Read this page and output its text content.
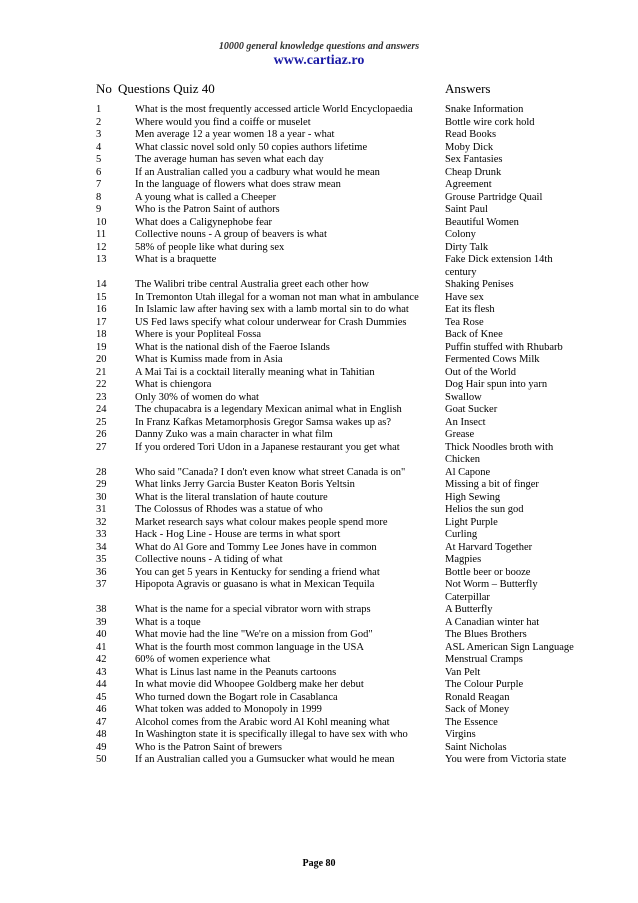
10000 general knowledge questions and answers
www.cartiaz.ro
No Questions Quiz 40	Answers
1	What is the most frequently accessed article World Encyclopaedia	Snake Information
2	Where would you find a coiffe or muselet	Bottle wire cork hold
3	Men average 12 a year women 18 a year - what	Read Books
4	What classic novel sold only 50 copies authors lifetime	Moby Dick
5	The average human has seven what each day	Sex Fantasies
6	If an Australian called you a cadbury what would he mean	Cheap Drunk
7	In the language of flowers what does straw mean	Agreement
8	A young what is called a Cheeper	Grouse Partridge Quail
9	Who is the Patron Saint of authors	Saint Paul
10	What does a Caligynephobe fear	Beautiful Women
11	Collective nouns - A group of beavers is what	Colony
12	58% of people like what during sex	Dirty Talk
13	What is a braquette	Fake Dick extension 14th century
14	The Walibri tribe central Australia greet each other how	Shaking Penises
15	In Tremonton Utah illegal for a woman not man what in ambulance	Have sex
16	In Islamic law after having sex with a lamb mortal sin to do what	Eat its flesh
17	US Fed laws specify what colour underwear for Crash Dummies	Tea Rose
18	Where is your Popliteal Fossa	Back of Knee
19	What is the national dish of the Faeroe Islands	Puffin stuffed with Rhubarb
20	What is Kumiss made from in Asia	Fermented Cows Milk
21	A Mai Tai is a cocktail literally meaning what in Tahitian	Out of the World
22	What is chiengora	Dog Hair spun into yarn
23	Only 30% of women do what	Swallow
24	The chupacabra is a legendary Mexican animal what in English	Goat Sucker
25	In Franz Kafkas Metamorphosis Gregor Samsa wakes up as?	An Insect
26	Danny Zuko was a main character in what film	Grease
27	If you ordered Tori Udon in a Japanese restaurant you get what	Thick Noodles broth with Chicken
28	Who said "Canada? I don't even know what street Canada is on"	Al Capone
29	What links Jerry Garcia Buster Keaton Boris Yeltsin	Missing a bit of finger
30	What is the literal translation of haute couture	High Sewing
31	The Colossus of Rhodes was a statue of who	Helios the sun god
32	Market research says what colour makes people spend more	Light Purple
33	Hack - Hog Line - House are terms in what sport	Curling
34	What do Al Gore and Tommy Lee Jones have in common	At Harvard Together
35	Collective nouns - A tiding of what	Magpies
36	You can get 5 years in Kentucky for sending a friend what	Bottle beer or booze
37	Hipopota Agravis or guasano is what in Mexican Tequila	Not Worm – Butterfly Caterpillar
38	What is the name for a special vibrator worn with straps	A Butterfly
39	What is a toque	A Canadian winter hat
40	What movie had the line "We're on a mission from God"	The Blues Brothers
41	What is the fourth most common language in the USA	ASL American Sign Language
42	60% of women experience what	Menstrual Cramps
43	What is Linus last name in the Peanuts cartoons	Van Pelt
44	In what movie did Whoopee Goldberg make her debut	The Colour Purple
45	Who turned down the Bogart role in Casablanca	Ronald Reagan
46	What token was added to Monopoly in 1999	Sack of Money
47	Alcohol comes from the Arabic word Al Kohl meaning what	The Essence
48	In Washington state it is specifically illegal to have sex with who	Virgins
49	Who is the Patron Saint of brewers	Saint Nicholas
50	If an Australian called you a Gumsucker what would he mean	You were from Victoria state
Page 80
